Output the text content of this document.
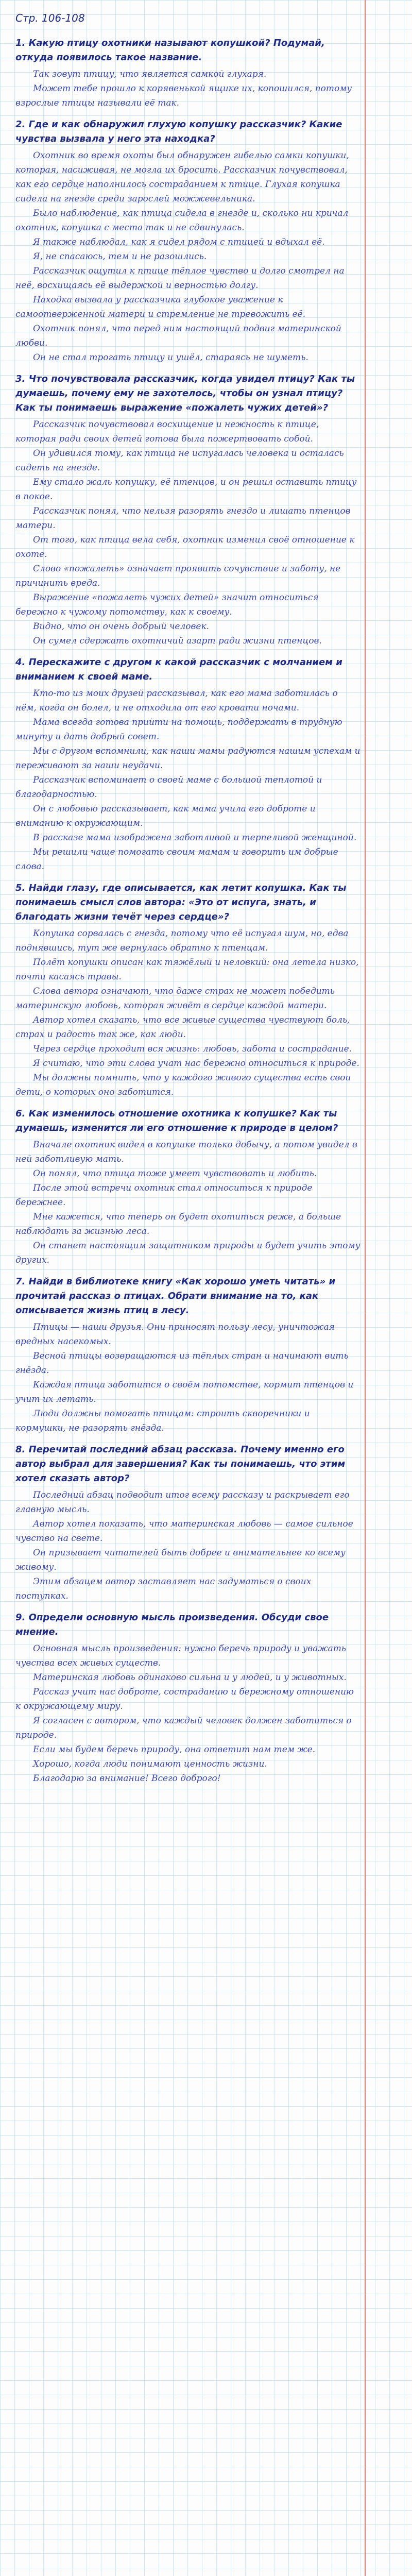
Стр. 106-108
1. Какую птицу охотники называют копушкой? Подумай, откуда появилось такое название.
Так зовут птицу, что является самкой глухаря.
Может тебе прошло к корявенькой ящике их, копошился, потому взрослые птицы называли её так.
2. Где и как обнаружил глухую копушку рассказчик? Какие чувства вызвала у него эта находка?
Охотник во время охоты был обнаружен гибелью самки копушки, которая, насиживая, не могла их бросить. Рассказчик почувствовал, как его сердце наполнилось состраданием к птице. Глухая копушка сидела на гнезде среди зарослей можжевельника.
Было наблюдение, как птица сидела в гнезде и, сколько ни кричал охотник, копушка с места так и не сдвинулась.
Я также наблюдал, как я сидел рядом с птицей и вдыхал её.
Я, не спасаюсь, тем и не разошлись.
Рассказчик ощутил к птице тёплое чувство и долго смотрел на неё, восхищаясь её выдержкой и верностью долгу.
Находка вызвала у рассказчика глубокое уважение к самоотверженной матери и стремление не тревожить её.
Охотник понял, что перед ним настоящий подвиг материнской любви.
Он не стал трогать птицу и ушёл, стараясь не шуметь.
3. Что почувствовала рассказчик, когда увидел птицу? Как ты думаешь, почему ему не захотелось, чтобы он узнал птицу? Как ты понимаешь выражение «пожалеть чужих детей»?
Рассказчик почувствовал восхищение и нежность к птице, которая ради своих детей готова была пожертвовать собой.
Он удивился тому, как птица не испугалась человека и осталась сидеть на гнезде.
Ему стало жаль копушку, её птенцов, и он решил оставить птицу в покое.
Рассказчик понял, что нельзя разорять гнездо и лишать птенцов матери.
От того, как птица вела себя, охотник изменил своё отношение к охоте.
Слово «пожалеть» означает проявить сочувствие и заботу, не причинить вреда.
Выражение «пожалеть чужих детей» значит относиться бережно к чужому потомству, как к своему.
Видно, что он очень добрый человек.
Он сумел сдержать охотничий азарт ради жизни птенцов.
4. Перескажите с другом к какой рассказчик с молчанием и вниманием к своей маме.
Кто-то из моих друзей рассказывал, как его мама заботилась о нём, когда он болел, и не отходила от его кровати ночами.
Мама всегда готова прийти на помощь, поддержать в трудную минуту и дать добрый совет.
Мы с другом вспомнили, как наши мамы радуются нашим успехам и переживают за наши неудачи.
Рассказчик вспоминает о своей маме с большой теплотой и благодарностью.
Он с любовью рассказывает, как мама учила его доброте и вниманию к окружающим.
В рассказе мама изображена заботливой и терпеливой женщиной.
Мы решили чаще помогать своим мамам и говорить им добрые слова.
5. Найди глазу, где описывается, как летит копушка. Как ты понимаешь смысл слов автора: «Это от испуга, знать, и благодать жизни течёт через сердце»?
Копушка сорвалась с гнезда, потому что её испугал шум, но, едва поднявшись, тут же вернулась обратно к птенцам.
Полёт копушки описан как тяжёлый и неловкий: она летела низко, почти касаясь травы.
Слова автора означают, что даже страх не может победить материнскую любовь, которая живёт в сердце каждой матери.
Автор хотел сказать, что все живые существа чувствуют боль, страх и радость так же, как люди.
Через сердце проходит вся жизнь: любовь, забота и сострадание.
Я считаю, что эти слова учат нас бережно относиться к природе.
Мы должны помнить, что у каждого живого существа есть свои дети, о которых оно заботится.
6. Как изменилось отношение охотника к копушке? Как ты думаешь, изменится ли его отношение к природе в целом?
Вначале охотник видел в копушке только добычу, а потом увидел в ней заботливую мать.
Он понял, что птица тоже умеет чувствовать и любить.
После этой встречи охотник стал относиться к природе бережнее.
Мне кажется, что теперь он будет охотиться реже, а больше наблюдать за жизнью леса.
Он станет настоящим защитником природы и будет учить этому других.
7. Найди в библиотеке книгу «Как хорошо уметь читать» и прочитай рассказ о птицах. Обрати внимание на то, как описывается жизнь птиц в лесу.
Птицы — наши друзья. Они приносят пользу лесу, уничтожая вредных насекомых.
Весной птицы возвращаются из тёплых стран и начинают вить гнёзда.
Каждая птица заботится о своём потомстве, кормит птенцов и учит их летать.
Люди должны помогать птицам: строить скворечники и кормушки, не разорять гнёзда.
8. Перечитай последний абзац рассказа. Почему именно его автор выбрал для завершения? Как ты понимаешь, что этим хотел сказать автор?
Последний абзац подводит итог всему рассказу и раскрывает его главную мысль.
Автор хотел показать, что материнская любовь — самое сильное чувство на свете.
Он призывает читателей быть добрее и внимательнее ко всему живому.
Этим абзацем автор заставляет нас задуматься о своих поступках.
9. Определи основную мысль произведения. Обсуди свое мнение.
Основная мысль произведения: нужно беречь природу и уважать чувства всех живых существ.
Материнская любовь одинаково сильна и у людей, и у животных.
Рассказ учит нас доброте, состраданию и бережному отношению к окружающему миру.
Я согласен с автором, что каждый человек должен заботиться о природе.
Если мы будем беречь природу, она ответит нам тем же.
Хорошо, когда люди понимают ценность жизни.
Благодарю за внимание! Всего доброго!
